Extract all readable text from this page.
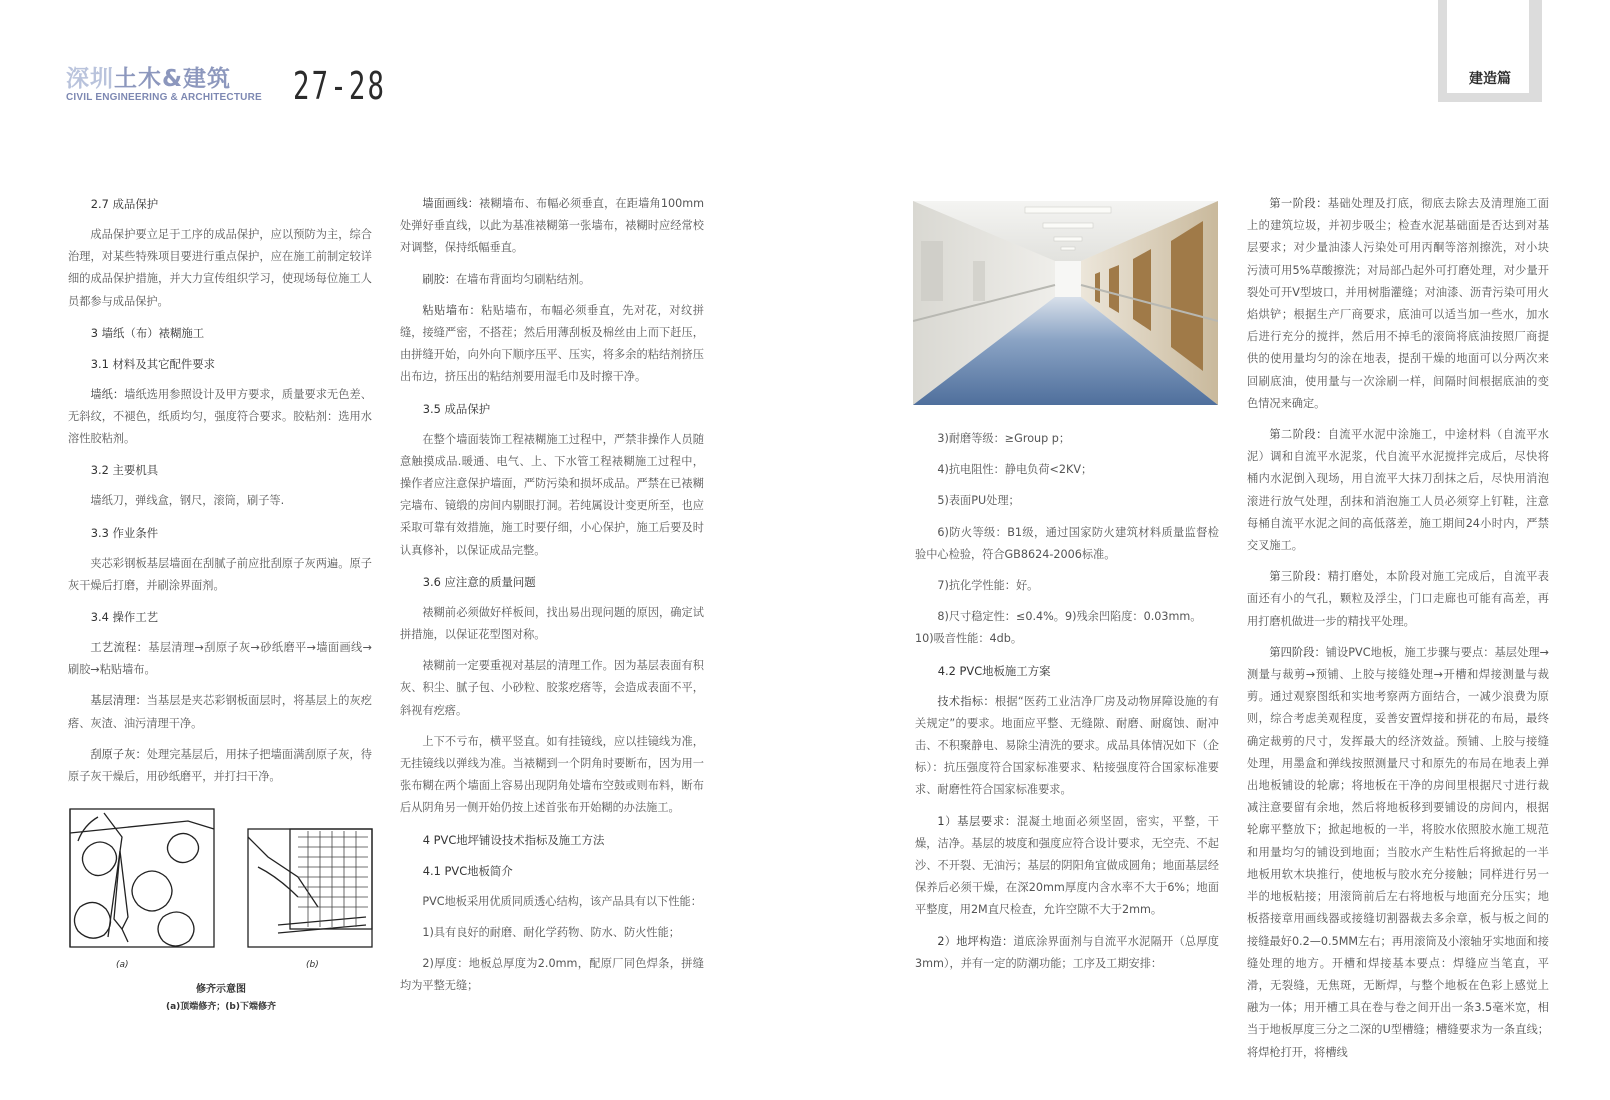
深圳土木&建筑
CIVIL ENGINEERING & ARCHITECTURE 27-28	建造篇
2.7 成品保护

成品保护要立足于工序的成品保护，应以预防为主，综合治理，对某些特殊项目要进行重点保护，应在施工前制定较详细的成品保护措施，并大力宣传组织学习，使现场每位施工人员都参与成品保护。

3 墙纸（布）裱糊施工
3.1 材料及其它配件要求

墙纸：墙纸选用参照设计及甲方要求，质量要求无色差、无斜纹，不褪色，纸质均匀，强度符合要求。胶粘剂：选用水溶性胶粘剂。

3.2 主要机具

墙纸刀，弹线盒，钢尺，滚筒，刷子等.

3.3 作业条件

夹芯彩钢板基层墙面在刮腻子前应批刮原子灰两遍。原子灰干燥后打磨，并刷涂界面剂。

3.4 操作工艺

工艺流程：基层清理→刮原子灰→砂纸磨平→墙面画线→刷胶→粘贴墙布。

基层清理：当基层是夹芯彩钢板面层时，将基层上的灰疙瘩、灰渣、油污清理干净。

刮原子灰：处理完基层后，用抹子把墙面满刮原子灰，待原子灰干燥后，用砂纸磨平，并打扫干净。

(a)	(b)
修齐示意图
(a)顶端修齐；(b)下端修齐

墙面画线：裱糊墙布、布幅必须垂直，在距墙角100mm处弹好垂直线，以此为基准裱糊第一张墙布，裱糊时应经常校对调整，保持纸幅垂直。

刷胶：在墙布背面均匀刷粘结剂。

粘贴墙布：粘贴墙布，布幅必须垂直，先对花，对纹拼缝，接缝严密，不搭茬；然后用薄刮板及棉丝由上而下赶压，由拼缝开始，向外向下顺序压平、压实，将多余的粘结剂挤压出布边，挤压出的粘结剂要用湿毛巾及时擦干净。

3.5 成品保护

在整个墙面装饰工程裱糊施工过程中，严禁非操作人员随意触摸成品.暖通、电气、上、下水管工程裱糊施工过程中，操作者应注意保护墙面，严防污染和损坏成品。严禁在已裱糊完墙布、镜缎的房间内剔眼打洞。若纯属设计变更所至，也应采取可靠有效措施，施工时要仔细，小心保护，施工后要及时认真修补，以保证成品完整。

3.6 应注意的质量问题

裱糊前必须做好样板间，找出易出现问题的原因，确定试拼措施，以保证花型图对称。

裱糊前一定要重视对基层的清理工作。因为基层表面有积灰、积尘、腻子包、小砂粒、胶浆疙瘩等，会造成表面不平，斜视有疙瘩。

上下不亏布，横平竖直。如有挂镜线，应以挂镜线为准，无挂镜线以弹线为准。当裱糊到一个阴角时要断布，因为用一张布糊在两个墙面上容易出现阴角处墙布空鼓或则布料，断布后从阴角另一侧开始仍按上述首张布开始糊的办法施工。

4 PVC地坪铺设技术指标及施工方法
4.1 PVC地板简介

PVC地板采用优质同质透心结构，该产品具有以下性能：

1)具有良好的耐磨、耐化学药物、防水、防火性能；

2)厚度：地板总厚度为2.0mm，配原厂同色焊条，拼缝均为平整无缝；

3)耐磨等级：≥Group p；

4)抗电阻性：静电负荷<2KV；

5)表面PU处理；

6)防火等级：B1级，通过国家防火建筑材料质量监督检验中心检验，符合GB8624-2006标准。

7)抗化学性能：好。

8)尺寸稳定性：≤0.4%。9)残余凹陷度：0.03mm。

10)吸音性能：4db。

4.2 PVC地板施工方案

技术指标：根据“医药工业洁净厂房及动物屏障设施的有关规定”的要求。地面应平整、无缝隙、耐磨、耐腐蚀、耐冲击、不积聚静电、易除尘清洗的要求。成品具体情况如下（企标）：抗压强度符合国家标准要求、粘接强度符合国家标准要求、耐磨性符合国家标准要求。

1）基层要求：混凝土地面必须坚固，密实，平整，干燥，洁净。基层的坡度和强度应符合设计要求，无空壳、不起沙、不开裂、无油污；基层的阴阳角宜做成圆角；地面基层经保养后必须干燥，在深20mm厚度内含水率不大于6%；地面平整度，用2M直尺检查，允许空隙不大于2mm。

2）地坪构造：道底涂界面剂与自流平水泥隔开（总厚度3mm），并有一定的防潮功能；工序及工期安排：

第一阶段：基础处理及打底，彻底去除去及清理施工面上的建筑垃圾，并初步吸尘；检查水泥基础面是否达到对基层要求；对少量油漆人污染处可用丙酮等溶剂擦洗，对小块污渍可用5%草酸擦洗；对局部凸起外可打磨处理，对少量开裂处可开V型坡口，并用树脂灌缝；对油漆、沥青污染可用火焰烘铲；根据生产厂商要求，底油可以适当加一些水，加水后进行充分的搅拌，然后用不掉毛的滚筒将底油按照厂商提供的使用量均匀的涂在地表，提刮干燥的地面可以分两次来回刷底油，使用量与一次涂刷一样，间隔时间根据底油的变色情况来确定。

第二阶段：自流平水泥中涂施工，中途材料（自流平水泥）调和自流平水泥浆，代自流平水泥搅拌完成后，尽快将桶内水泥倒入现场，用自流平大抹刀刮抹之后，尽快用消泡滚进行放气处理，刮抹和消泡施工人员必须穿上钉鞋，注意每桶自流平水泥之间的高低落差，施工期间24小时内，严禁交叉施工。

第三阶段：精打磨处，本阶段对施工完成后，自流平表面还有小的气孔，颗粒及浮尘，门口走廊也可能有高差，再用打磨机做进一步的精找平处理。

第四阶段：铺设PVC地板，施工步骤与要点：基层处理→测量与裁剪→预铺、上胶与接缝处理→开槽和焊接测量与裁剪。通过观察图纸和实地考察两方面结合，一减少浪费为原则，综合考虑美观程度，妥善安置焊接和拼花的布局，最终确定裁剪的尺寸，发挥最大的经济效益。预铺、上胶与接缝处理，用墨盒和弹线按照测量尺寸和原先的布局在地表上弹出地板铺设的轮廓；将地板在干净的房间里根据尺寸进行裁减注意要留有余地，然后将地板移到要铺设的房间内，根据轮廓平整放下；掀起地板的一半，将胶水依照胶水施工规范和用量均匀的铺设到地面；当胶水产生粘性后将掀起的一半地板用软木块推行，使地板与胶水充分接触；同样进行另一半的地板粘接；用滚筒前后左右将地板与地面充分压实；地板搭接章用画线器或接缝切割器裁去多余章，板与板之间的接缝最好0.2—0.5MM左右；再用滚筒及小滚轴牙实地面和接缝处理的地方。开槽和焊接基本要点：焊缝应当笔直，平滑，无裂缝，无焦斑，无断焊，与整个地板在色彩上感觉上融为一体；用开槽工具在卷与卷之间开出一条3.5毫米宽，相当于地板厚度三分之二深的U型槽缝；槽缝要求为一条直线；将焊枪打开，将槽线
